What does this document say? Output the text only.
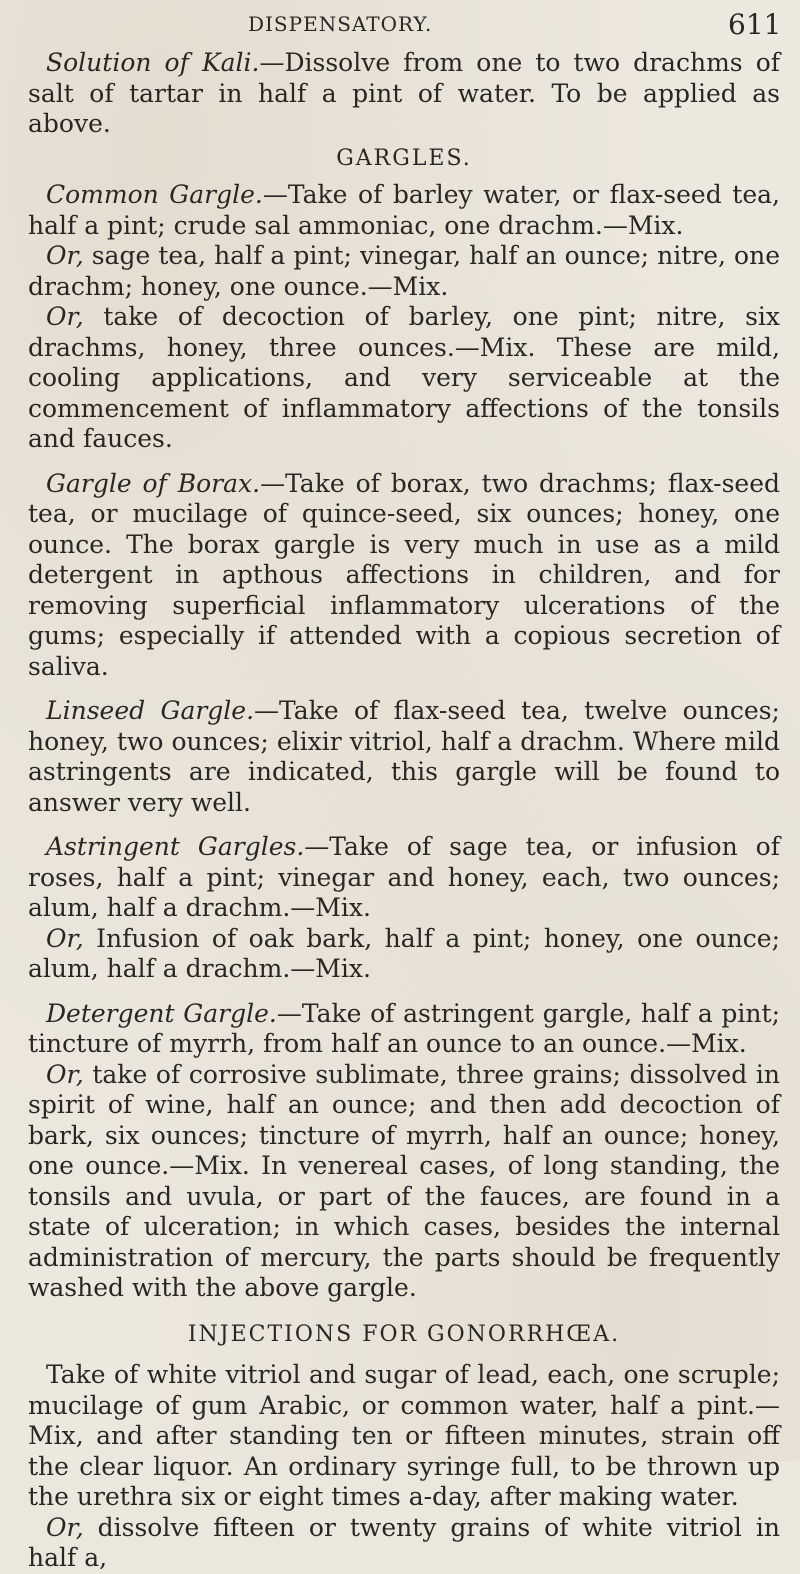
DISPENSATORY.	611

Solution of Kali.—Dissolve from one to two drachms of salt of tartar in half a pint of water. To be applied as above.

GARGLES.

Common Gargle.—Take of barley water, or flax-seed tea, half a pint; crude sal ammoniac, one drachm.—Mix.

Or, sage tea, half a pint; vinegar, half an ounce; nitre, one drachm; honey, one ounce.—Mix.

Or, take of decoction of barley, one pint; nitre, six drachms, honey, three ounces.—Mix. These are mild, cooling applications, and very serviceable at the commencement of inflammatory affections of the tonsils and fauces.

Gargle of Borax.—Take of borax, two drachms; flax-seed tea, or mucilage of quince-seed, six ounces; honey, one ounce. The borax gargle is very much in use as a mild detergent in apthous affections in children, and for removing superficial inflammatory ulcerations of the gums; especially if attended with a copious secretion of saliva.

Linseed Gargle.—Take of flax-seed tea, twelve ounces; honey, two ounces; elixir vitriol, half a drachm. Where mild astringents are indicated, this gargle will be found to answer very well.

Astringent Gargles.—Take of sage tea, or infusion of roses, half a pint; vinegar and honey, each, two ounces; alum, half a drachm.—Mix.

Or, Infusion of oak bark, half a pint; honey, one ounce; alum, half a drachm.—Mix.

Detergent Gargle.—Take of astringent gargle, half a pint; tincture of myrrh, from half an ounce to an ounce.—Mix.

Or, take of corrosive sublimate, three grains; dissolved in spirit of wine, half an ounce; and then add decoction of bark, six ounces; tincture of myrrh, half an ounce; honey, one ounce.—Mix. In venereal cases, of long standing, the tonsils and uvula, or part of the fauces, are found in a state of ulceration; in which cases, besides the internal administration of mercury, the parts should be frequently washed with the above gargle.

INJECTIONS FOR GONORRHŒA.

Take of white vitriol and sugar of lead, each, one scruple; mucilage of gum Arabic, or common water, half a pint.—Mix, and after standing ten or fifteen minutes, strain off the clear liquor. An ordinary syringe full, to be thrown up the urethra six or eight times a-day, after making water.

Or, dissolve fifteen or twenty grains of white vitriol in half a,
